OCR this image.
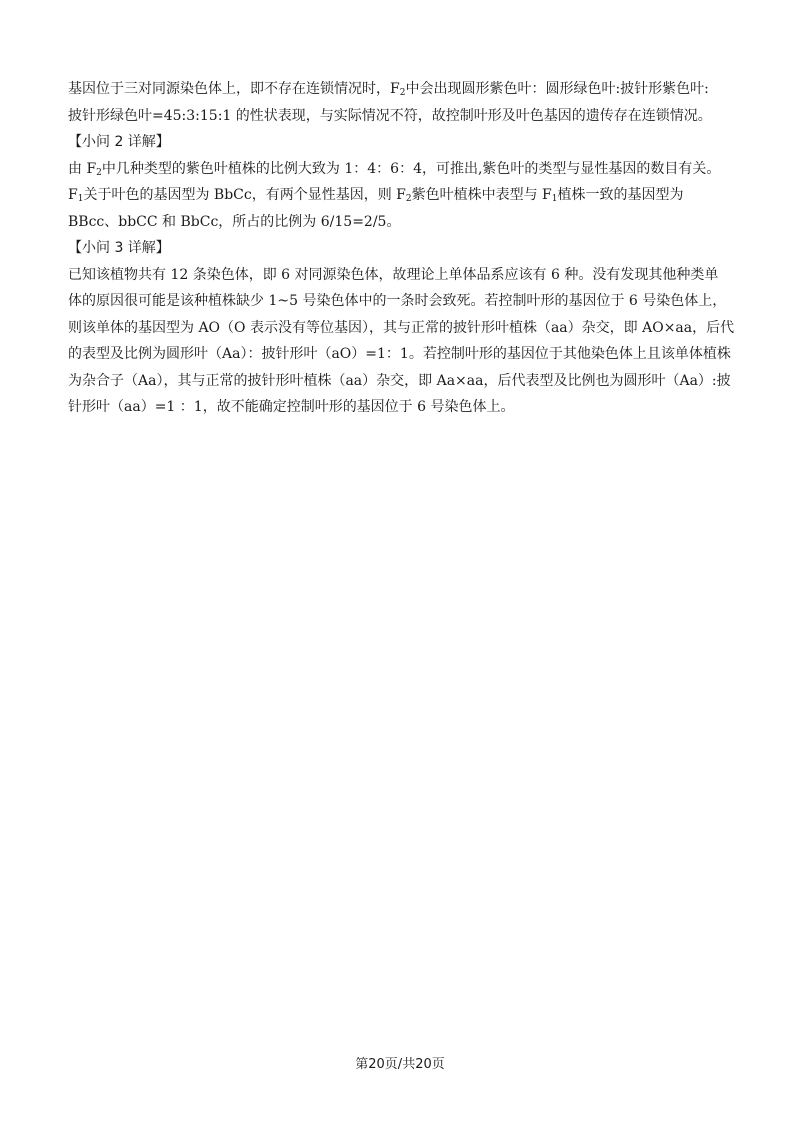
基因位于三对同源染色体上，即不存在连锁情况时，$F_2$中会出现圆形紫色叶：圆形绿色叶:披针形紫色叶:
披针形绿色叶=45:3:15:1 的性状表现，与实际情况不符，故控制叶形及叶色基因的遗传存在连锁情况。

【小问 2 详解】

由 $F_2$中几种类型的紫色叶植株的比例大致为 1：4：6：4，可推出,紫色叶的类型与显性基因的数目有关。
$F_1$关于叶色的基因型为 BbCc，有两个显性基因，则 $F_2$紫色叶植株中表型与 $F_1$植株一致的基因型为
BBcc、bbCC 和 BbCc，所占的比例为 6/15=2/5。

【小问 3 详解】

已知该植物共有 12 条染色体，即 6 对同源染色体，故理论上单体品系应该有 6 种。没有发现其他种类单
体的原因很可能是该种植株缺少 1~5 号染色体中的一条时会致死。若控制叶形的基因位于 6 号染色体上，
则该单体的基因型为 AO（O 表示没有等位基因），其与正常的披针形叶植株（aa）杂交，即 AO×aa，后代
的表型及比例为圆形叶（Aa）：披针形叶（aO）=1：1。若控制叶形的基因位于其他染色体上且该单体植株
为杂合子（Aa），其与正常的披针形叶植株（aa）杂交，即 Aa×aa，后代表型及比例也为圆形叶（Aa）:披
针形叶（aa）=1 ：1，故不能确定控制叶形的基因位于 6 号染色体上。

第20页/共20页
